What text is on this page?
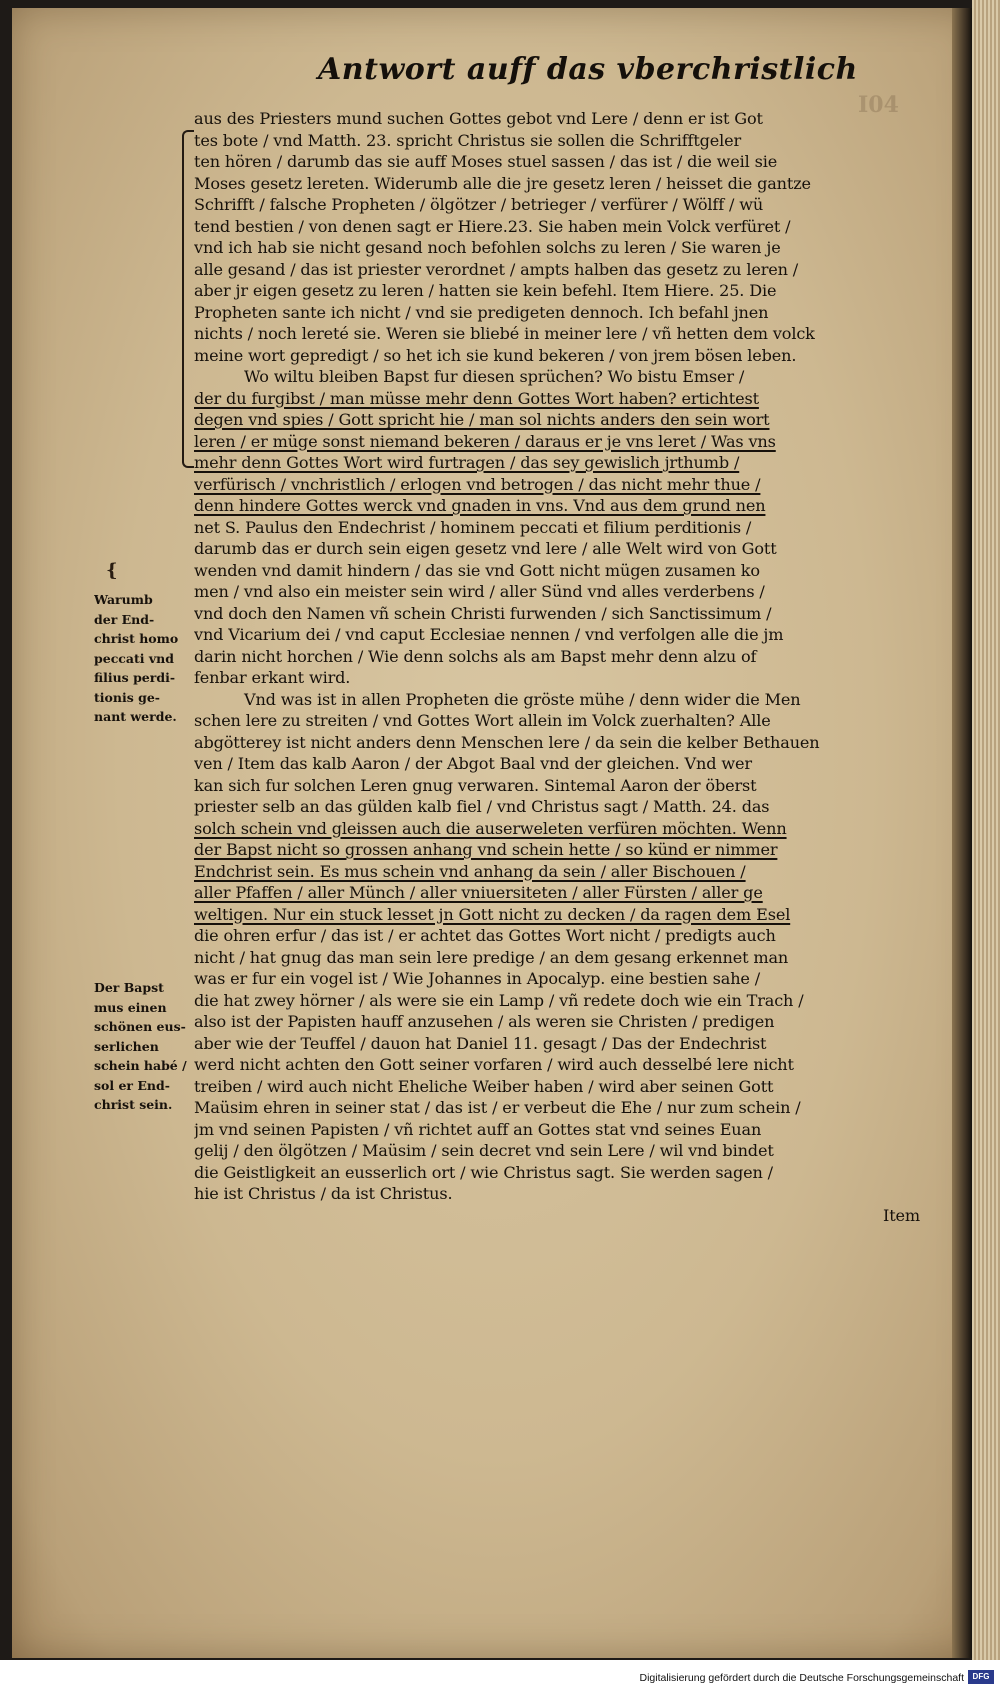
I04
Antwort auff das vberchristlich
{
aus des Priesters mund suchen Gottes gebot vnd Lere / denn er ist Got
tes bote / vnd Matth. 23. spricht Christus sie sollen die Schrifftgeler
ten hören / darumb das sie auff Moses stuel sassen / das ist / die weil sie
Moses gesetz lereten. Widerumb alle die jre gesetz leren / heisset die gantze
Schrifft / falsche Propheten / ölgötzer / betrieger / verfürer / Wölff / wü
tend bestien / von denen sagt er Hiere.23. Sie haben mein Volck verfüret /
vnd ich hab sie nicht gesand noch befohlen solchs zu leren / Sie waren je
alle gesand / das ist priester verordnet / ampts halben das gesetz zu leren /
aber jr eigen gesetz zu leren / hatten sie kein befehl. Item Hiere. 25. Die
Propheten sante ich nicht / vnd sie predigeten dennoch. Ich befahl jnen
nichts / noch lereté sie. Weren sie bliebé in meiner lere / vñ hetten dem volck
meine wort gepredigt / so het ich sie kund bekeren / von jrem bösen leben.
Wo wiltu bleiben Bapst fur diesen sprüchen? Wo bistu Emser /
der du furgibst / man müsse mehr denn Gottes Wort haben? ertichtest
degen vnd spies / Gott spricht hie / man sol nichts anders den sein wort
leren / er müge sonst niemand bekeren / daraus er je vns leret / Was vns
mehr denn Gottes Wort wird furtragen / das sey gewislich jrthumb /
verfürisch / vnchristlich / erlogen vnd betrogen / das nicht mehr thue /
denn hindere Gottes werck vnd gnaden in vns. Vnd aus dem grund nen
net S. Paulus den Endechrist / hominem peccati et filium perditionis /
darumb das er durch sein eigen gesetz vnd lere / alle Welt wird von Gott
wenden vnd damit hindern / das sie vnd Gott nicht mügen zusamen ko
men / vnd also ein meister sein wird / aller Sünd vnd alles verderbens /
vnd doch den Namen vñ schein Christi furwenden / sich Sanctissimum /
vnd Vicarium dei / vnd caput Ecclesiae nennen / vnd verfolgen alle die jm
darin nicht horchen / Wie denn solchs als am Bapst mehr denn alzu of
fenbar erkant wird.
Vnd was ist in allen Propheten die gröste mühe / denn wider die Men
schen lere zu streiten / vnd Gottes Wort allein im Volck zuerhalten? Alle
abgötterey ist nicht anders denn Menschen lere / da sein die kelber Bethauen
ven / Item das kalb Aaron / der Abgot Baal vnd der gleichen. Vnd wer
kan sich fur solchen Leren gnug verwaren. Sintemal Aaron der öberst
priester selb an das gülden kalb fiel / vnd Christus sagt / Matth. 24. das
solch schein vnd gleissen auch die auserweleten verfüren möchten. Wenn
der Bapst nicht so grossen anhang vnd schein hette / so künd er nimmer
Endchrist sein. Es mus schein vnd anhang da sein / aller Bischouen /
aller Pfaffen / aller Münch / aller vniuersiteten / aller Fürsten / aller ge
weltigen. Nur ein stuck lesset jn Gott nicht zu decken / da ragen dem Esel
die ohren erfur / das ist / er achtet das Gottes Wort nicht / predigts auch
nicht / hat gnug das man sein lere predige / an dem gesang erkennet man
was er fur ein vogel ist / Wie Johannes in Apocalyp. eine bestien sahe /
die hat zwey hörner / als were sie ein Lamp / vñ redete doch wie ein Trach /
also ist der Papisten hauff anzusehen / als weren sie Christen / predigen
aber wie der Teuffel / dauon hat Daniel 11. gesagt / Das der Endechrist
werd nicht achten den Gott seiner vorfaren / wird auch desselbé lere nicht
treiben / wird auch nicht Eheliche Weiber haben / wird aber seinen Gott
Maüsim ehren in seiner stat / das ist / er verbeut die Ehe / nur zum schein /
jm vnd seinen Papisten / vñ richtet auff an Gottes stat vnd seines Euan
gelij / den ölgötzen / Maüsim / sein decret vnd sein Lere / wil vnd bindet
die Geistligkeit an eusserlich ort / wie Christus sagt. Sie werden sagen /
hie ist Christus / da ist Christus.
Item
Warumb
der End-
christ homo
peccati vnd
filius perdi-
tionis ge-
nant werde.
Der Bapst
mus einen
schönen eus-
serlichen
schein habé /
sol er End-
christ sein.
Digitalisierung gefördert durch die Deutsche Forschungsgemeinschaft	DFG
